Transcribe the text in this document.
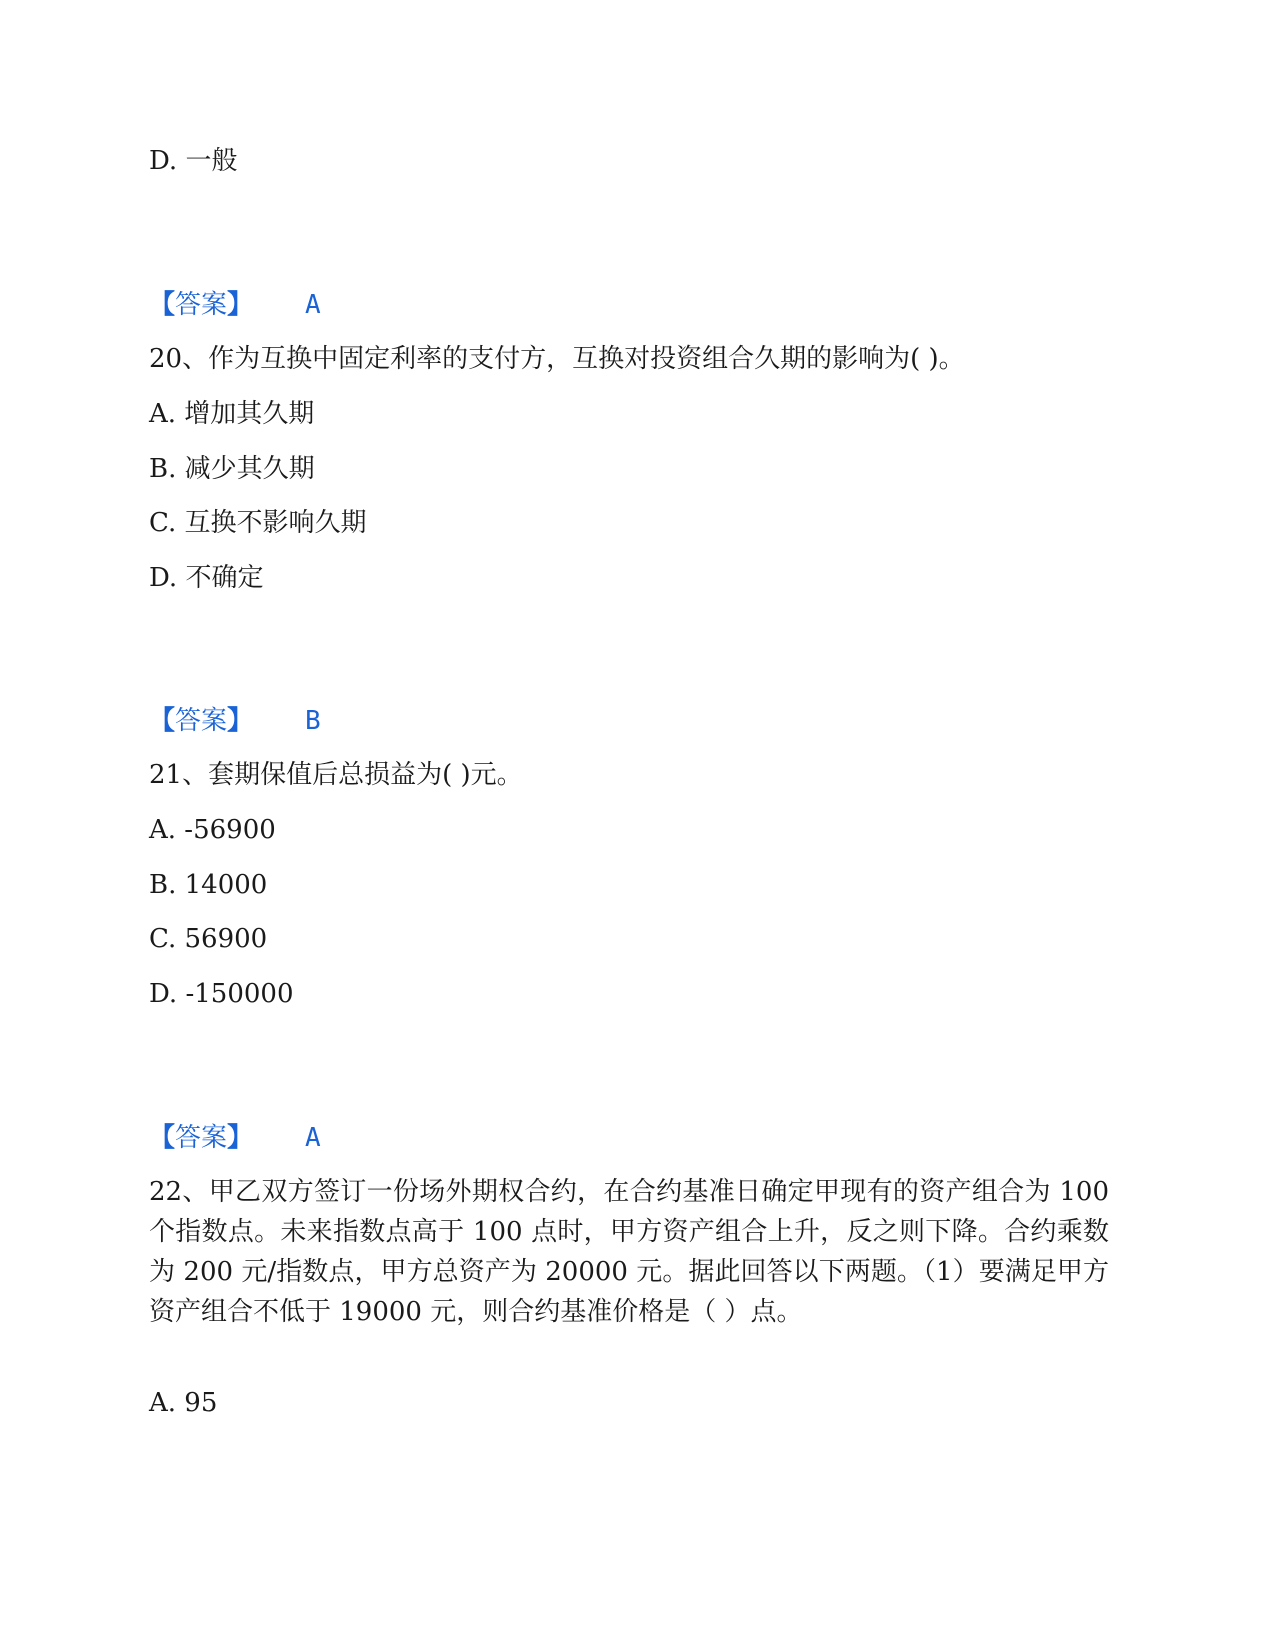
D. 一般

【答案】 A

20、作为互换中固定利率的支付方，互换对投资组合久期的影响为( )。

A. 增加其久期

B. 减少其久期

C. 互换不影响久期

D. 不确定

【答案】 B

21、套期保值后总损益为( )元。

A. -56900

B. 14000

C. 56900

D. -150000

【答案】 A

22、甲乙双方签订一份场外期权合约，在合约基准日确定甲现有的资产组合为 100 个指数点。未来指数点高于 100 点时，甲方资产组合上升，反之则下降。合约乘数为 200 元/指数点，甲方总资产为 20000 元。据此回答以下两题。（1）要满足甲方资产组合不低于 19000 元，则合约基准价格是（ ）点。

A. 95
